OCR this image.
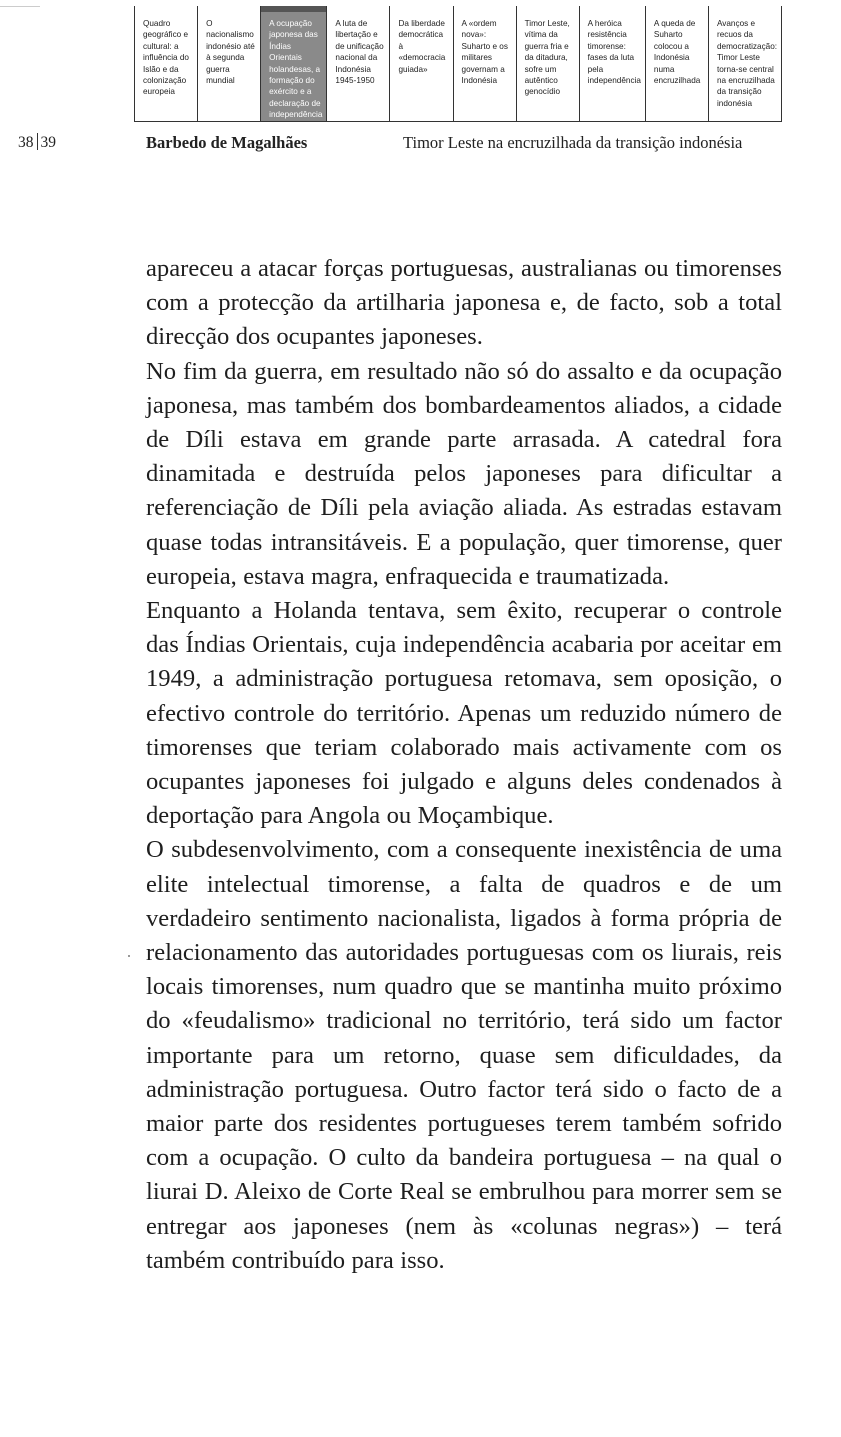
Quadro geográfico e cultural: a influência do Islão e da colonização europeia
O nacionalismo indonésio até à segunda guerra mundial
A ocupação japonesa das Índias Orientais holandesas, a formação do exército e a declaração de independência da Indonésia
A luta de libertação e de unificação nacional da Indonésia 1945-1950
Da liberdade democrática à «democracia guiada»
A «ordem nova»: Suharto e os militares governam a Indonésia
Timor Leste, vítima da guerra fria e da ditadura, sofre um autêntico genocídio
A heróica resistência timorense: fases da luta pela independência
A queda de Suharto colocou a Indonésia numa encruzilhada
Avanços e recuos da democratização: Timor Leste torna-se central na encruzilhada da transição indonésia
38 39	Barbedo de Magalhães	Timor Leste na encruzilhada da transição indonésia

apareceu a atacar forças portuguesas, australianas ou timorenses com a protecção da artilharia japonesa e, de facto, sob a total direcção dos ocupantes japoneses.

No fim da guerra, em resultado não só do assalto e da ocupação japonesa, mas também dos bombardeamentos aliados, a cidade de Díli estava em grande parte arrasada. A catedral fora dinamitada e destruída pelos japoneses para dificultar a referenciação de Díli pela aviação aliada. As estradas estavam quase todas intransitáveis. E a população, quer timorense, quer europeia, estava magra, enfraquecida e traumatizada.

Enquanto a Holanda tentava, sem êxito, recuperar o controle das Índias Orientais, cuja independência acabaria por aceitar em 1949, a administração portuguesa retomava, sem oposição, o efectivo controle do território. Apenas um reduzido número de timorenses que teriam colaborado mais activamente com os ocupantes japoneses foi julgado e alguns deles condenados à deportação para Angola ou Moçambique.

O subdesenvolvimento, com a consequente inexistência de uma elite intelectual timorense, a falta de quadros e de um verdadeiro sentimento nacionalista, ligados à forma própria de relacionamento das autoridades portuguesas com os liurais, reis locais timorenses, num quadro que se mantinha muito próximo do «feudalismo» tradicional no território, terá sido um factor importante para um retorno, quase sem dificuldades, da administração portuguesa. Outro factor terá sido o facto de a maior parte dos residentes portugueses terem também sofrido com a ocupação. O culto da bandeira portuguesa – na qual o liurai D. Aleixo de Corte Real se embrulhou para morrer sem se entregar aos japoneses (nem às «colunas negras») – terá também contribuído para isso.
